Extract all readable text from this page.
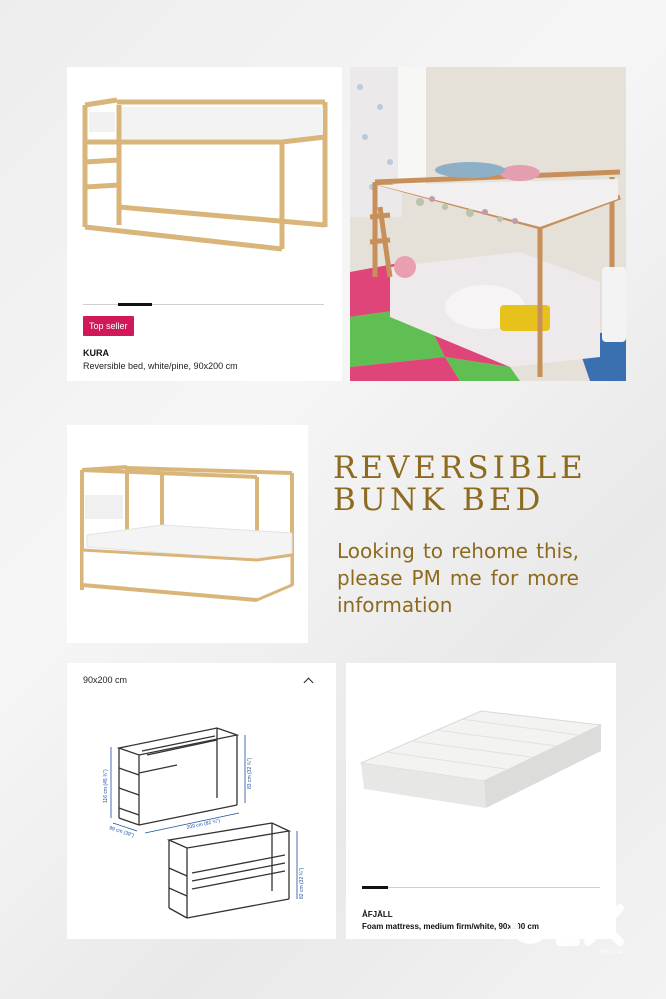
Top seller
KURA
Reversible bed, white/pine, 90x200 cm
REVERSIBLE
BUNK BED
Looking to rehome this, please PM me for more information
90x200 cm
116 cm (45 ¾")
99 cm (39")
209 cm (82 ¼")
83 cm (32 ¾")
82 cm (32 ¼")
ÅFJÄLL
Foam mattress, medium firm/white, 90x200 cm
INDIA
